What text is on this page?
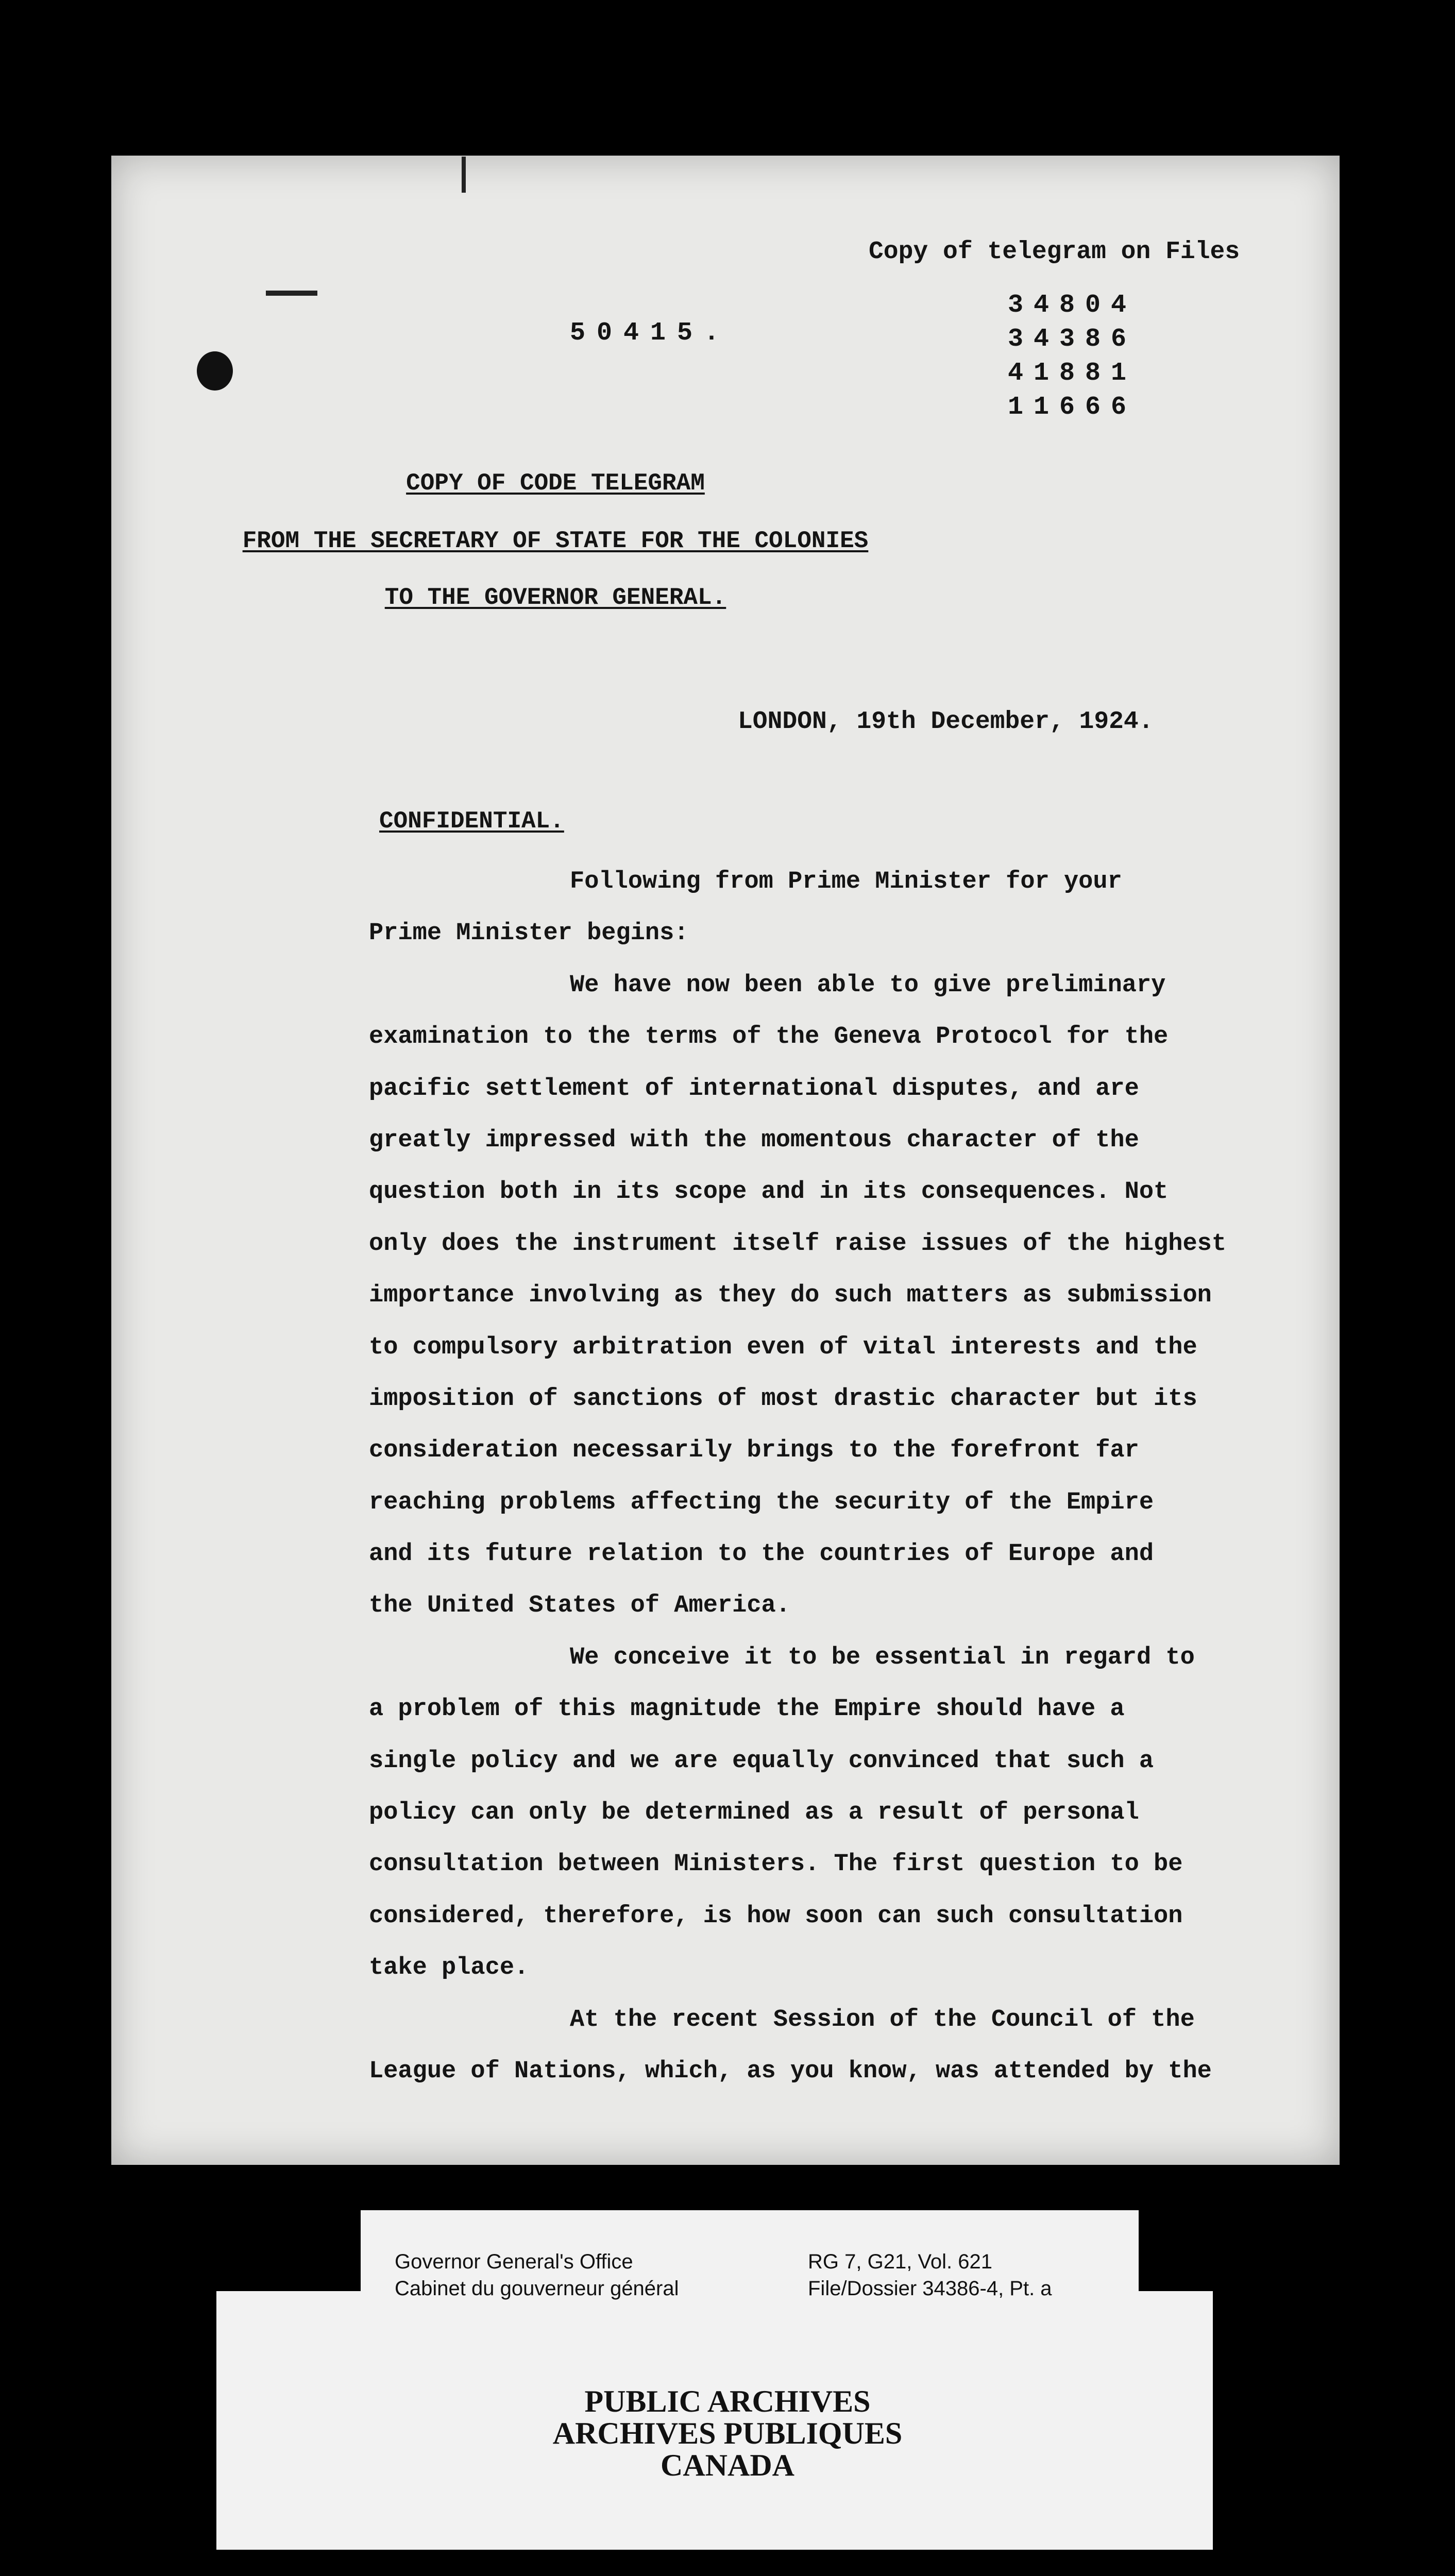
Copy of telegram on Files
50415.
34804
34386
41881
11666
COPY OF CODE TELEGRAM
FROM THE SECRETARY OF STATE FOR THE COLONIES
TO THE GOVERNOR GENERAL.
LONDON, 19th December, 1924.
CONFIDENTIAL.
Following from Prime Minister for your
Prime Minister begins:
We have now been able to give preliminary
examination to the terms of the Geneva Protocol for the
pacific settlement of international disputes, and are
greatly impressed with the momentous character of the
question both in its scope and in its consequences. Not
only does the instrument itself raise issues of the highest
importance involving as they do such matters as submission
to compulsory arbitration even of vital interests and the
imposition of sanctions of most drastic character but its
consideration necessarily brings to the forefront far
reaching problems affecting the security of the Empire
and its future relation to the countries of Europe and
the United States of America.
We conceive it to be essential in regard to
a problem of this magnitude the Empire should have a
single policy and we are equally convinced that such a
policy can only be determined as a result of personal
consultation between Ministers. The first question to be
considered, therefore, is how soon can such consultation
take place.
At the recent Session of the Council of the
League of Nations, which, as you know, was attended by the
Governor General's Office
Cabinet du gouverneur général
RG 7, G21, Vol. 621
File/Dossier 34386-4, Pt. a
PUBLIC ARCHIVES
ARCHIVES PUBLIQUES
CANADA
